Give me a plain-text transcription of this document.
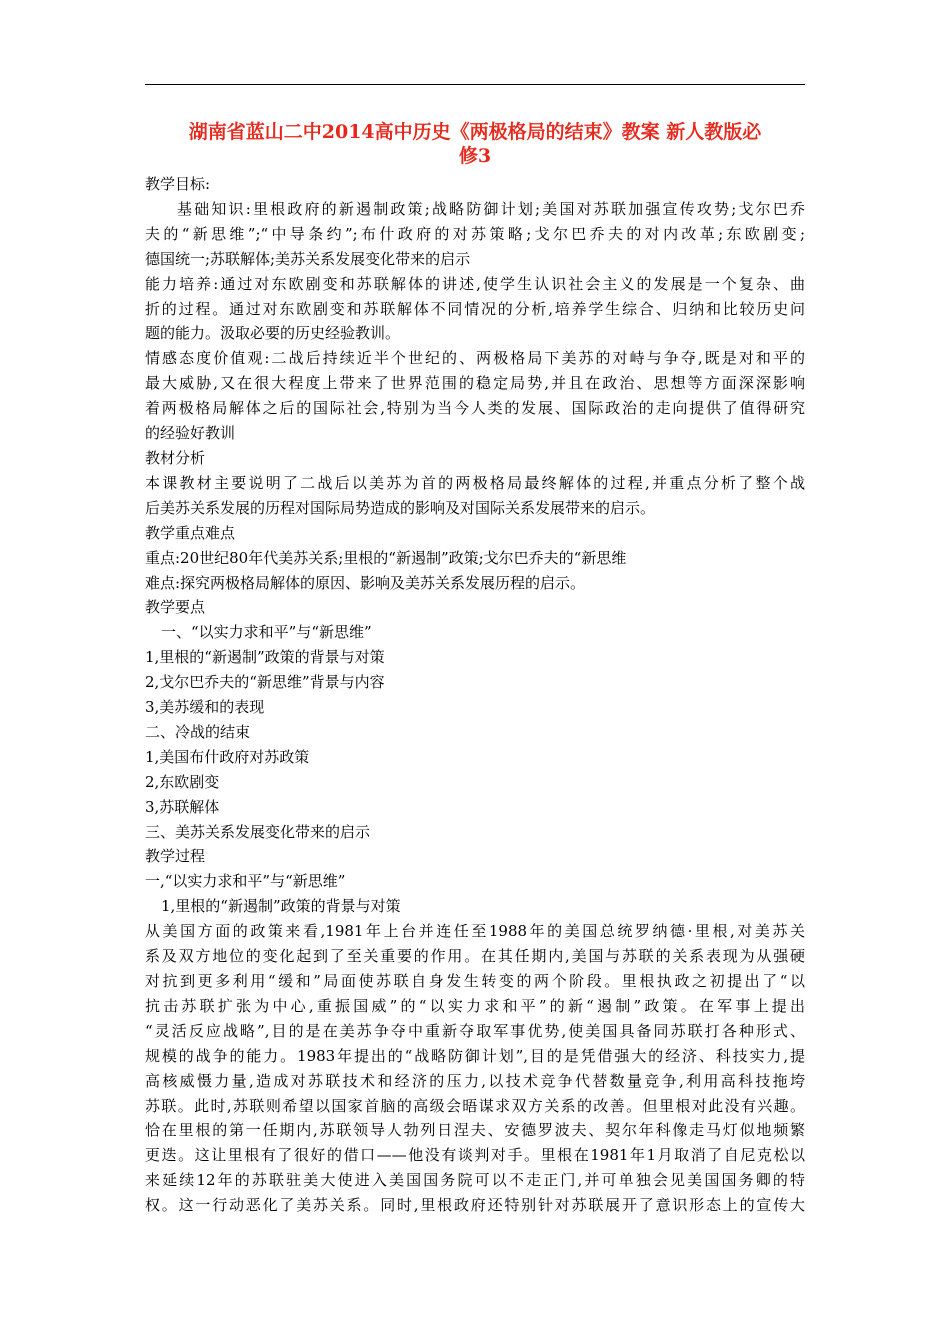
湖南省蓝山二中2014高中历史《两极格局的结束》教案 新人教版必
修3
教学目标:
基础知识:里根政府的新遏制政策;战略防御计划;美国对苏联加强宣传攻势;戈尔巴乔
夫的“新思维”;“中导条约”;布什政府的对苏策略;戈尔巴乔夫的对内改革;东欧剧变;
德国统一;苏联解体;美苏关系发展变化带来的启示
能力培养:通过对东欧剧变和苏联解体的讲述,使学生认识社会主义的发展是一个复杂、曲
折的过程。通过对东欧剧变和苏联解体不同情况的分析,培养学生综合、归纳和比较历史问
题的能力。汲取必要的历史经验教训。
情感态度价值观:二战后持续近半个世纪的、两极格局下美苏的对峙与争夺,既是对和平的
最大威胁,又在很大程度上带来了世界范围的稳定局势,并且在政治、思想等方面深深影响
着两极格局解体之后的国际社会,特别为当今人类的发展、国际政治的走向提供了值得研究
的经验好教训
教材分析
本课教材主要说明了二战后以美苏为首的两极格局最终解体的过程,并重点分析了整个战
后美苏关系发展的历程对国际局势造成的影响及对国际关系发展带来的启示。
教学重点难点
重点:20世纪80年代美苏关系;里根的“新遏制”政策;戈尔巴乔夫的“新思维
难点:探究两极格局解体的原因、影响及美苏关系发展历程的启示。
教学要点
一、“以实力求和平”与“新思维”
1,里根的“新遏制”政策的背景与对策
2,戈尔巴乔夫的“新思维”背景与内容
3,美苏缓和的表现
二、冷战的结束
1,美国布什政府对苏政策
2,东欧剧变
3,苏联解体
三、美苏关系发展变化带来的启示
教学过程
一,“以实力求和平”与“新思维”
1,里根的“新遏制”政策的背景与对策
从美国方面的政策来看,1981年上台并连任至1988年的美国总统罗纳德·里根,对美苏关
系及双方地位的变化起到了至关重要的作用。在其任期内,美国与苏联的关系表现为从强硬
对抗到更多利用“缓和”局面使苏联自身发生转变的两个阶段。里根执政之初提出了“以
抗击苏联扩张为中心,重振国威”的“以实力求和平”的新“遏制”政策。在军事上提出
“灵活反应战略”,目的是在美苏争夺中重新夺取军事优势,使美国具备同苏联打各种形式、
规模的战争的能力。1983年提出的“战略防御计划”,目的是凭借强大的经济、科技实力,提
高核威慑力量,造成对苏联技术和经济的压力,以技术竞争代替数量竞争,利用高科技拖垮
苏联。此时,苏联则希望以国家首脑的高级会晤谋求双方关系的改善。但里根对此没有兴趣。
恰在里根的第一任期内,苏联领导人勃列日涅夫、安德罗波夫、契尔年科像走马灯似地频繁
更迭。这让里根有了很好的借口——他没有谈判对手。里根在1981年1月取消了自尼克松以
来延续12年的苏联驻美大使进入美国国务院可以不走正门,并可单独会见美国国务卿的特
权。这一行动恶化了美苏关系。同时,里根政府还特别针对苏联展开了意识形态上的宣传大
